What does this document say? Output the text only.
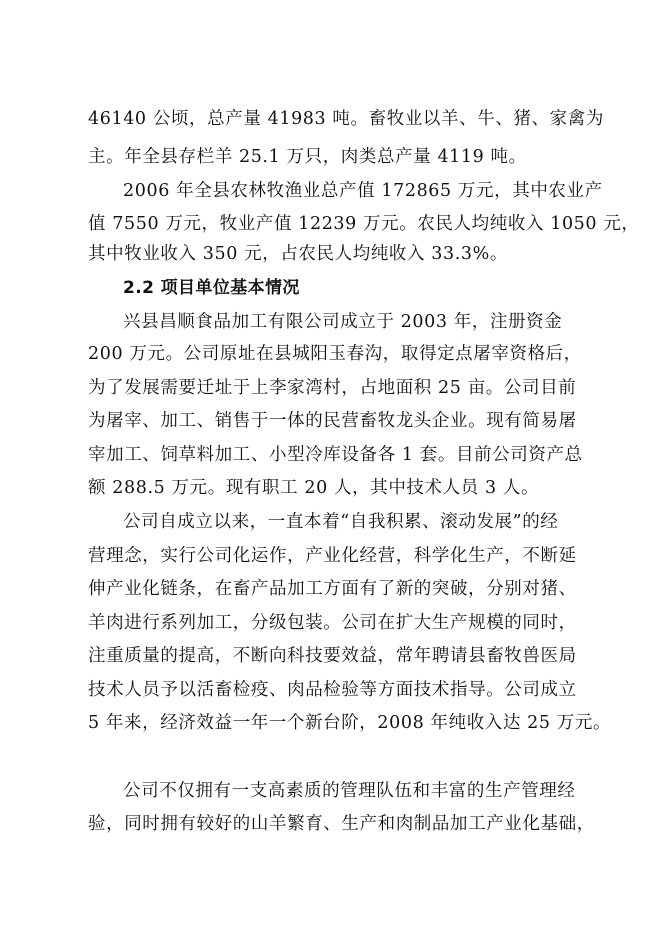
46140 公顷，总产量 41983 吨。畜牧业以羊、牛、猪、家禽为
主。年全县存栏羊 25.1 万只，肉类总产量 4119 吨。
2006 年全县农林牧渔业总产值 172865 万元，其中农业产
值 7550 万元，牧业产值 12239 万元。农民人均纯收入 1050 元，
其中牧业收入 350 元，占农民人均纯收入 33.3%。
2.2 项目单位基本情况
兴县昌顺食品加工有限公司成立于 2003 年，注册资金
200 万元。公司原址在县城阳玉春沟，取得定点屠宰资格后，
为了发展需要迁址于上李家湾村，占地面积 25 亩。公司目前
为屠宰、加工、销售于一体的民营畜牧龙头企业。现有简易屠
宰加工、饲草料加工、小型冷库设备各 1 套。目前公司资产总
额 288.5 万元。现有职工 20 人，其中技术人员 3 人。
公司自成立以来，一直本着“自我积累、滚动发展”的经
营理念，实行公司化运作，产业化经营，科学化生产，不断延
伸产业化链条，在畜产品加工方面有了新的突破，分别对猪、
羊肉进行系列加工，分级包装。公司在扩大生产规模的同时，
注重质量的提高，不断向科技要效益，常年聘请县畜牧兽医局
技术人员予以活畜检疫、肉品检验等方面技术指导。公司成立
5 年来，经济效益一年一个新台阶，2008 年纯收入达 25 万元。
公司不仅拥有一支高素质的管理队伍和丰富的生产管理经
验，同时拥有较好的山羊繁育、生产和肉制品加工产业化基础，
